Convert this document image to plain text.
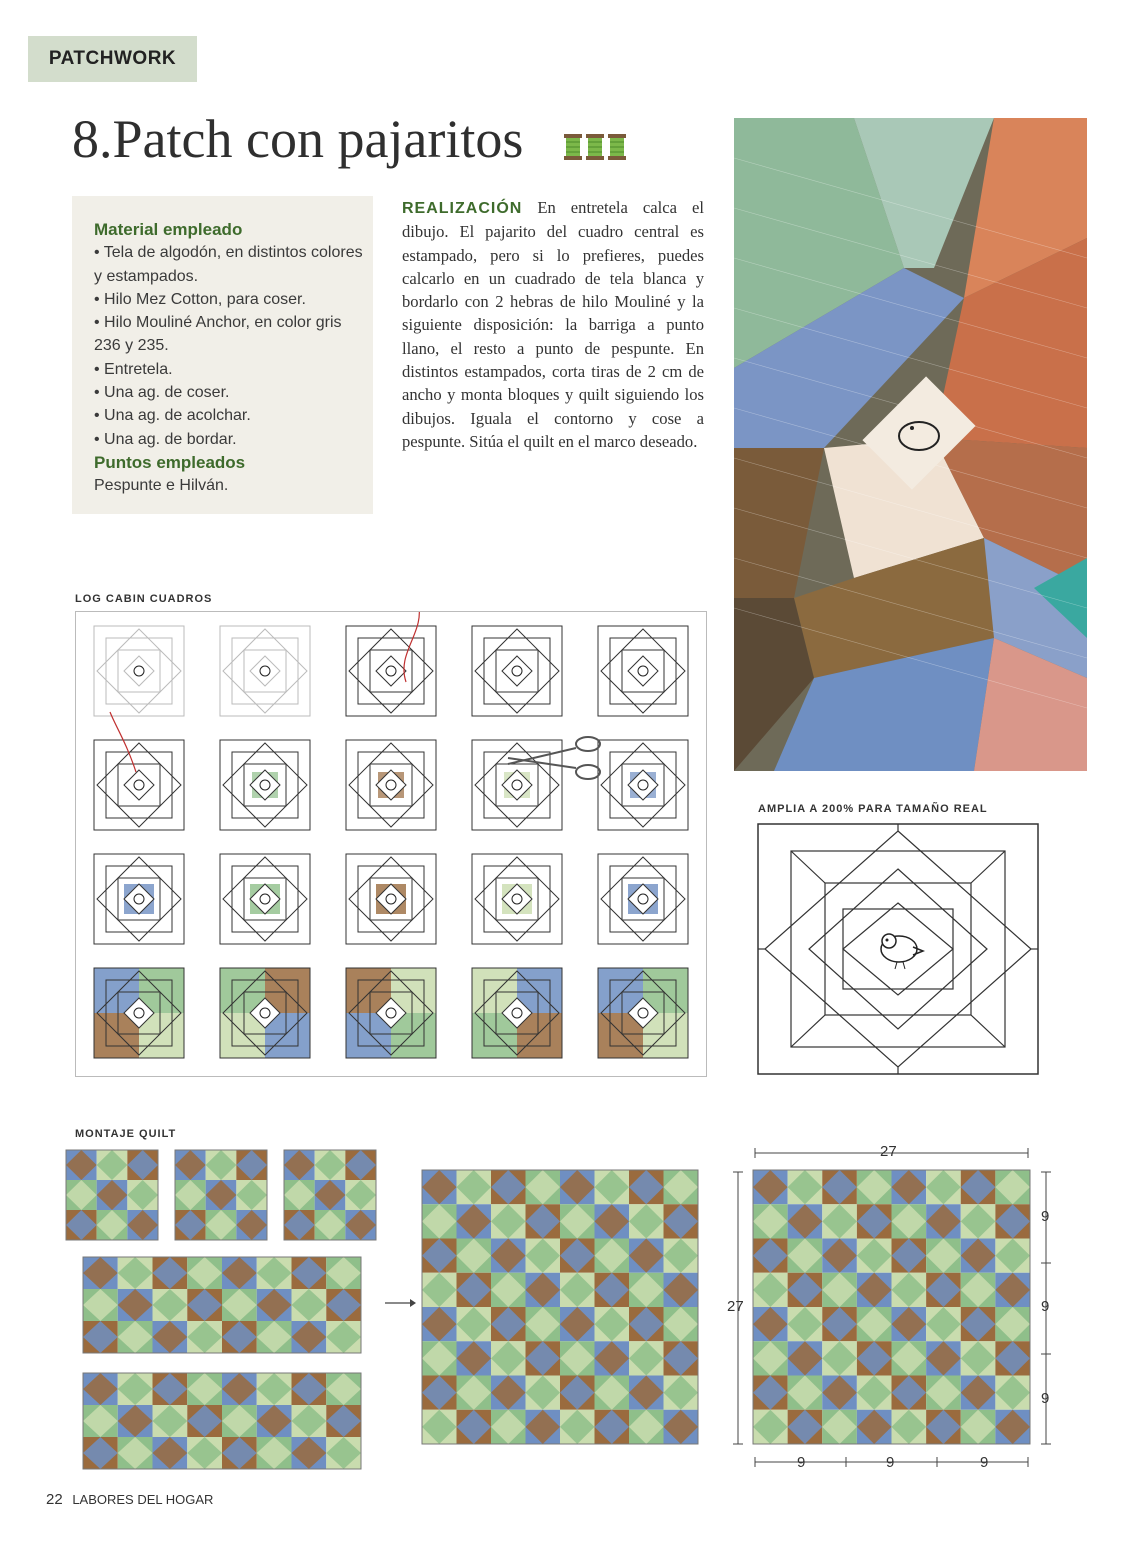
PATCHWORK
8.Patch con pajaritos
Material empleado

• Tela de algodón, en distintos colores y estampados.

• Hilo Mez Cotton, para coser.

• Hilo Mouliné Anchor, en color gris 236 y 235.

• Entretela.

• Una ag. de coser.

• Una ag. de acolchar.

• Una ag. de bordar.

Puntos empleados

Pespunte e Hilván.

REALIZACIÓN En entretela calca el dibujo. El pajarito del cuadro central es estampado, pero si lo prefieres, puedes calcarlo en un cuadrado de tela blanca y bordarlo con 2 hebras de hilo Mouliné y la siguiente disposición: la barriga a punto llano, el resto a punto de pespunte. En distintos estampados, corta tiras de 2 cm de ancho y monta bloques y quilt siguiendo los dibujos. Iguala el contorno y cose a pespunte. Sitúa el quilt en el marco deseado.
LOG CABIN CUADROS
AMPLIA A 200% PARA TAMAÑO REAL
MONTAJE QUILT
27
27
9
9
9
9	9	9
22 LABORES DEL HOGAR
